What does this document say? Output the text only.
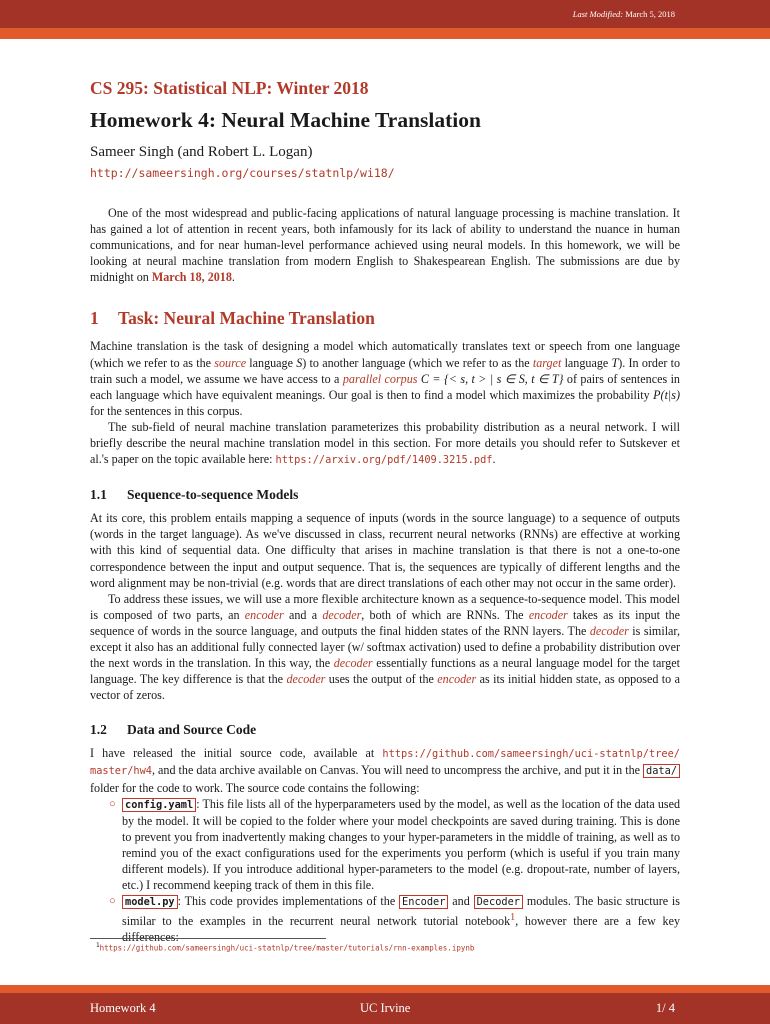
Last Modified: March 5, 2018
CS 295: Statistical NLP: Winter 2018
Homework 4: Neural Machine Translation
Sameer Singh (and Robert L. Logan)
http://sameersingh.org/courses/statnlp/wi18/

One of the most widespread and public-facing applications of natural language processing is machine translation. It has gained a lot of attention in recent years, both infamously for its lack of ability to understand the nuance in human communications, and for near human-level performance achieved using neural models. In this homework, we will be looking at neural machine translation from modern English to Shakespearean English. The submissions are due by midnight on March 18, 2018.

1 Task: Neural Machine Translation

Machine translation is the task of designing a model which automatically translates text or speech from one language (which we refer to as the source language S) to another language (which we refer to as the target language T). In order to train such a model, we assume we have access to a parallel corpus C = {< s, t > | s ∈ S, t ∈ T} of pairs of sentences in each language which have equivalent meanings. Our goal is then to find a model which maximizes the probability P(t|s) for the sentences in this corpus.

The sub-field of neural machine translation parameterizes this probability distribution as a neural network. I will briefly describe the neural machine translation model in this section. For more details you should refer to Sutskever et al.'s paper on the topic available here: https://arxiv.org/pdf/1409.3215.pdf.

1.1 Sequence-to-sequence Models

At its core, this problem entails mapping a sequence of inputs (words in the source language) to a sequence of outputs (words in the target language). As we've discussed in class, recurrent neural networks (RNNs) are effective at working with this kind of sequential data. One difficulty that arises in machine translation is that there is not a one-to-one correspondence between the input and output sequence. That is, the sequences are typically of different lengths and the word alignment may be non-trivial (e.g. words that are direct translations of each other may not occur in the same order).

To address these issues, we will use a more flexible architecture known as a sequence-to-sequence model. This model is composed of two parts, an encoder and a decoder, both of which are RNNs. The encoder takes as its input the sequence of words in the source language, and outputs the final hidden states of the RNN layers. The decoder is similar, except it also has an additional fully connected layer (w/ softmax activation) used to define a probability distribution over the next words in the translation. In this way, the decoder essentially functions as a neural language model for the target language. The key difference is that the decoder uses the output of the encoder as its initial hidden state, as opposed to a vector of zeros.

1.2 Data and Source Code

I have released the initial source code, available at https://github.com/sameersingh/uci-statnlp/tree/ master/hw4, and the data archive available on Canvas. You will need to uncompress the archive, and put it in the data/ folder for the code to work. The source code contains the following:

○ config.yaml : This file lists all of the hyperparameters used by the model, as well as the location of the data used by the model. It will be copied to the folder where your model checkpoints are saved during training. This is done to prevent you from inadvertently making changes to your hyper-parameters in the middle of training, as well as to remind you of the exact configurations used for the experiments you perform (which is useful if you train many different models). If you introduce additional hyper-parameters to the model (e.g. dropout-rate, number of layers, etc.) I recommend keeping track of them in this file.
○ model.py : This code provides implementations of the Encoder and Decoder modules. The basic structure is similar to the examples in the recurrent neural network tutorial notebook$^1$, however there are a few key differences:
$^1$https://github.com/sameersingh/uci-statnlp/tree/master/tutorials/rnn-examples.ipynb
Homework 4	UC Irvine	1/ 4
